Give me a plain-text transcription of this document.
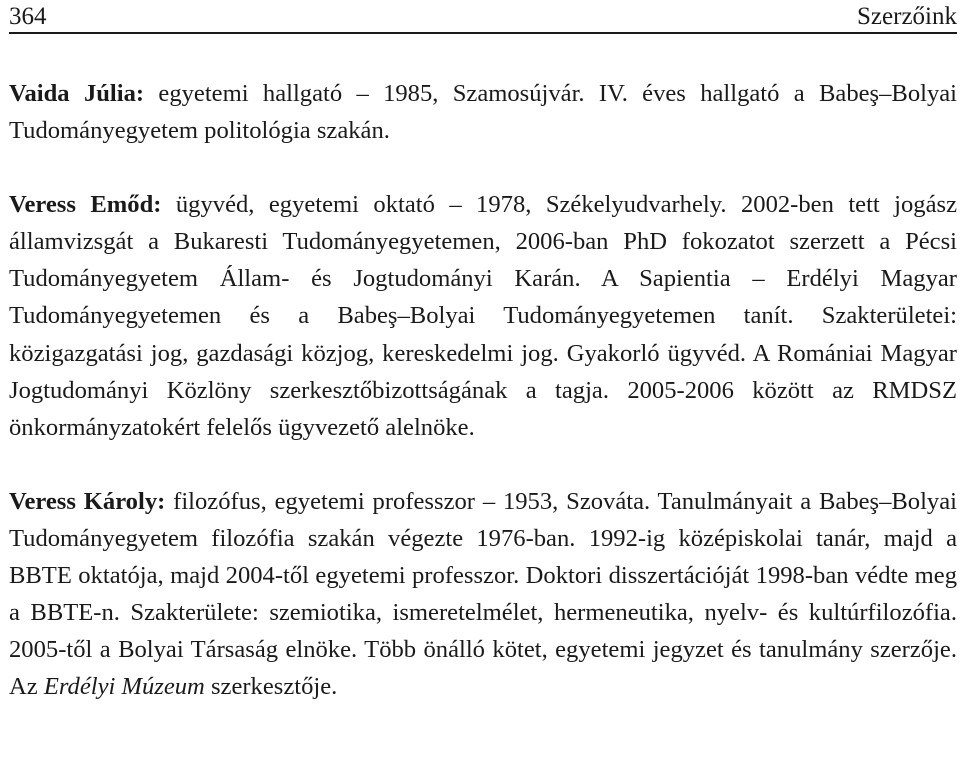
364	Szerzőink

Vaida Júlia: egyetemi hallgató – 1985, Szamosújvár. IV. éves hallgató a Babeş–Bolyai Tudományegyetem politológia szakán.

Veress Emőd: ügyvéd, egyetemi oktató – 1978, Székelyudvarhely. 2002-ben tett jogász államvizsgát a Bukaresti Tudományegyetemen, 2006-ban PhD fokozatot szerzett a Pécsi Tudományegyetem Állam- és Jogtudományi Karán. A Sapientia – Erdélyi Magyar Tudományegyetemen és a Babeş–Bolyai Tudományegyetemen tanít. Szakterületei: közigazgatási jog, gazdasági közjog, kereskedelmi jog. Gyakorló ügyvéd. A Romániai Magyar Jogtudományi Közlöny szerkesztőbizottságának a tagja. 2005-2006 között az RMDSZ önkormányzatokért felelős ügyvezető alelnöke.

Veress Károly: filozófus, egyetemi professzor – 1953, Szováta. Tanulmányait a Babeş–Bolyai Tudományegyetem filozófia szakán végezte 1976-ban. 1992-ig középiskolai tanár, majd a BBTE oktatója, majd 2004-től egyetemi professzor. Doktori disszertációját 1998-ban védte meg a BBTE-n. Szakterülete: szemiotika, ismeretelmélet, hermeneutika, nyelv- és kultúrfilozófia. 2005-től a Bolyai Társaság elnöke. Több önálló kötet, egyetemi jegyzet és tanulmány szerzője. Az Erdélyi Múzeum szerkesztője.
